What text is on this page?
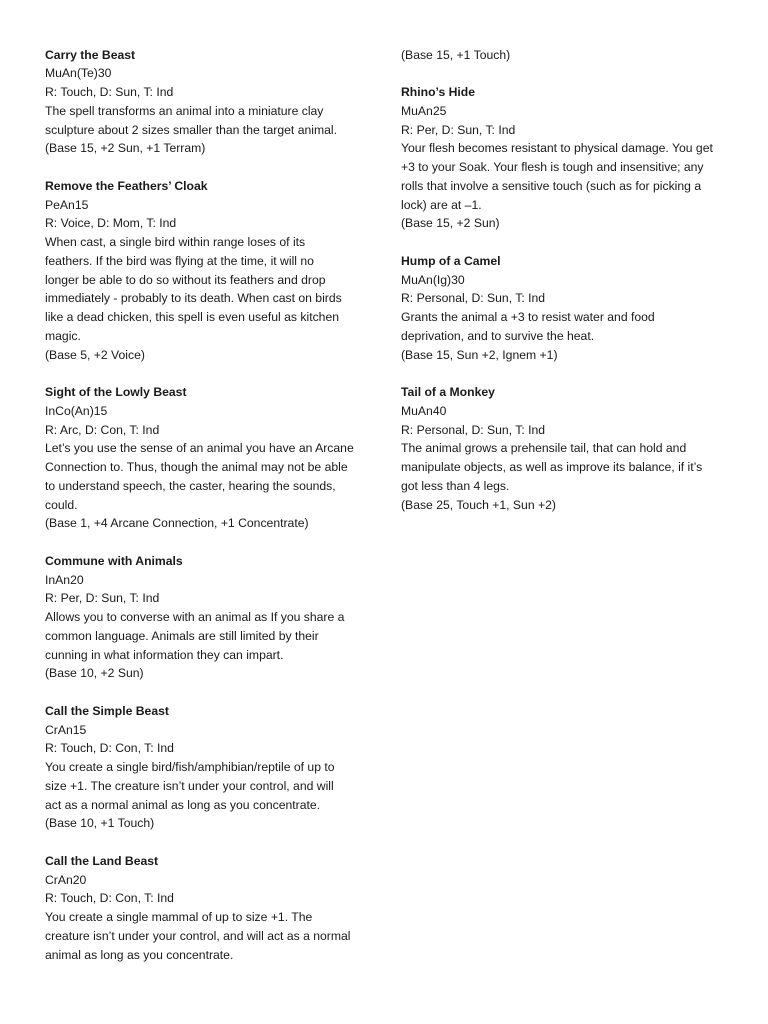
Carry the Beast
MuAn(Te)30
R: Touch, D: Sun, T: Ind
The spell transforms an animal into a miniature clay
sculpture about 2 sizes smaller than the target animal.
(Base 15, +2 Sun, +1 Terram)
Remove the Feathers’ Cloak
PeAn15
R: Voice, D: Mom, T: Ind
When cast, a single bird within range loses of its
feathers. If the bird was flying at the time, it will no
longer be able to do so without its feathers and drop
immediately - probably to its death. When cast on birds
like a dead chicken, this spell is even useful as kitchen
magic.
(Base 5, +2 Voice)
Sight of the Lowly Beast
InCo(An)15
R: Arc, D: Con, T: Ind
Let’s you use the sense of an animal you have an Arcane
Connection to. Thus, though the animal may not be able
to understand speech, the caster, hearing the sounds,
could.
(Base 1, +4 Arcane Connection, +1 Concentrate)
Commune with Animals
InAn20
R: Per, D: Sun, T: Ind
Allows you to converse with an animal as If you share a
common language. Animals are still limited by their
cunning in what information they can impart.
(Base 10, +2 Sun)
Call the Simple Beast
CrAn15
R: Touch, D: Con, T: Ind
You create a single bird/fish/amphibian/reptile of up to
size +1. The creature isn’t under your control, and will
act as a normal animal as long as you concentrate.
(Base 10, +1 Touch)
Call the Land Beast
CrAn20
R: Touch, D: Con, T: Ind
You create a single mammal of up to size +1. The
creature isn’t under your control, and will act as a normal
animal as long as you concentrate.
(Base 15, +1 Touch)
Rhino’s Hide
MuAn25
R: Per, D: Sun, T: Ind
Your flesh becomes resistant to physical damage. You get
+3 to your Soak. Your flesh is tough and insensitive; any
rolls that involve a sensitive touch (such as for picking a
lock) are at –1.
(Base 15, +2 Sun)
Hump of a Camel
MuAn(Ig)30
R: Personal, D: Sun, T: Ind
Grants the animal a +3 to resist water and food
deprivation, and to survive the heat.
(Base 15, Sun +2, Ignem +1)
Tail of a Monkey
MuAn40
R: Personal, D: Sun, T: Ind
The animal grows a prehensile tail, that can hold and
manipulate objects, as well as improve its balance, if it’s
got less than 4 legs.
(Base 25, Touch +1, Sun +2)
